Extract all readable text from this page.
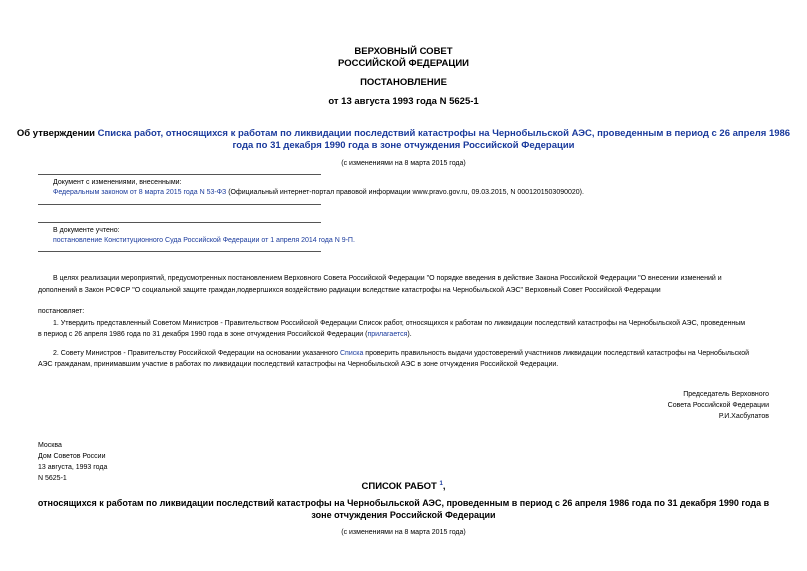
ВЕРХОВНЫЙ СОВЕТ
РОССИЙСКОЙ ФЕДЕРАЦИИ
ПОСТАНОВЛЕНИЕ
от 13 августа 1993 года N 5625-1
Об утверждении Списка работ, относящихся к работам по ликвидации последствий катастрофы на Чернобыльской АЭС, проведенным в период с 26 апреля 1986
года по 31 декабря 1990 года в зоне отчуждения Российской Федерации
(с изменениями на 8 марта 2015 года)
Документ с изменениями, внесенными:
Федеральным законом от 8 марта 2015 года N 53-ФЗ (Официальный интернет-портал правовой информации www.pravo.gov.ru, 09.03.2015, N 0001201503090020).
В документе учтено:
постановление Конституционного Суда Российской Федерации от 1 апреля 2014 года N 9-П.
В целях реализации мероприятий, предусмотренных постановлением Верховного Совета Российской Федерации "О порядке введения в действие Закона Российской Федерации "О внесении изменений и
дополнений в Закон РСФСР "О социальной защите граждан,подвергшихся воздействию радиации вследствие катастрофы на Чернобыльской АЭС" Верховный Совет Российской Федерации
постановляет:
1. Утвердить представленный Советом Министров - Правительством Российской Федерации Список работ, относящихся к работам по ликвидации последствий катастрофы на Чернобыльской АЭС, проведенным
в период с 26 апреля 1986 года по 31 декабря 1990 года в зоне отчуждения Российской Федерации (прилагается).
2. Совету Министров - Правительству Российской Федерации на основании указанного Списка проверить правильность выдачи удостоверений участников ликвидации последствий катастрофы на Чернобыльской
АЭС гражданам, принимавшим участие в работах по ликвидации последствий катастрофы на Чернобыльской АЭС в зоне отчуждения Российской Федерации.
Председатель Верховного
Совета Российской Федерации
Р.И.Хасбулатов
Москва
Дом Советов России
13 августа, 1993 года
N 5625-1
СПИСОК РАБОТ $^1$,
относящихся к работам по ликвидации последствий катастрофы на Чернобыльской АЭС, проведенным в период с 26 апреля 1986 года по 31 декабря 1990 года в
зоне отчуждения Российской Федерации
(с изменениями на 8 марта 2015 года)
